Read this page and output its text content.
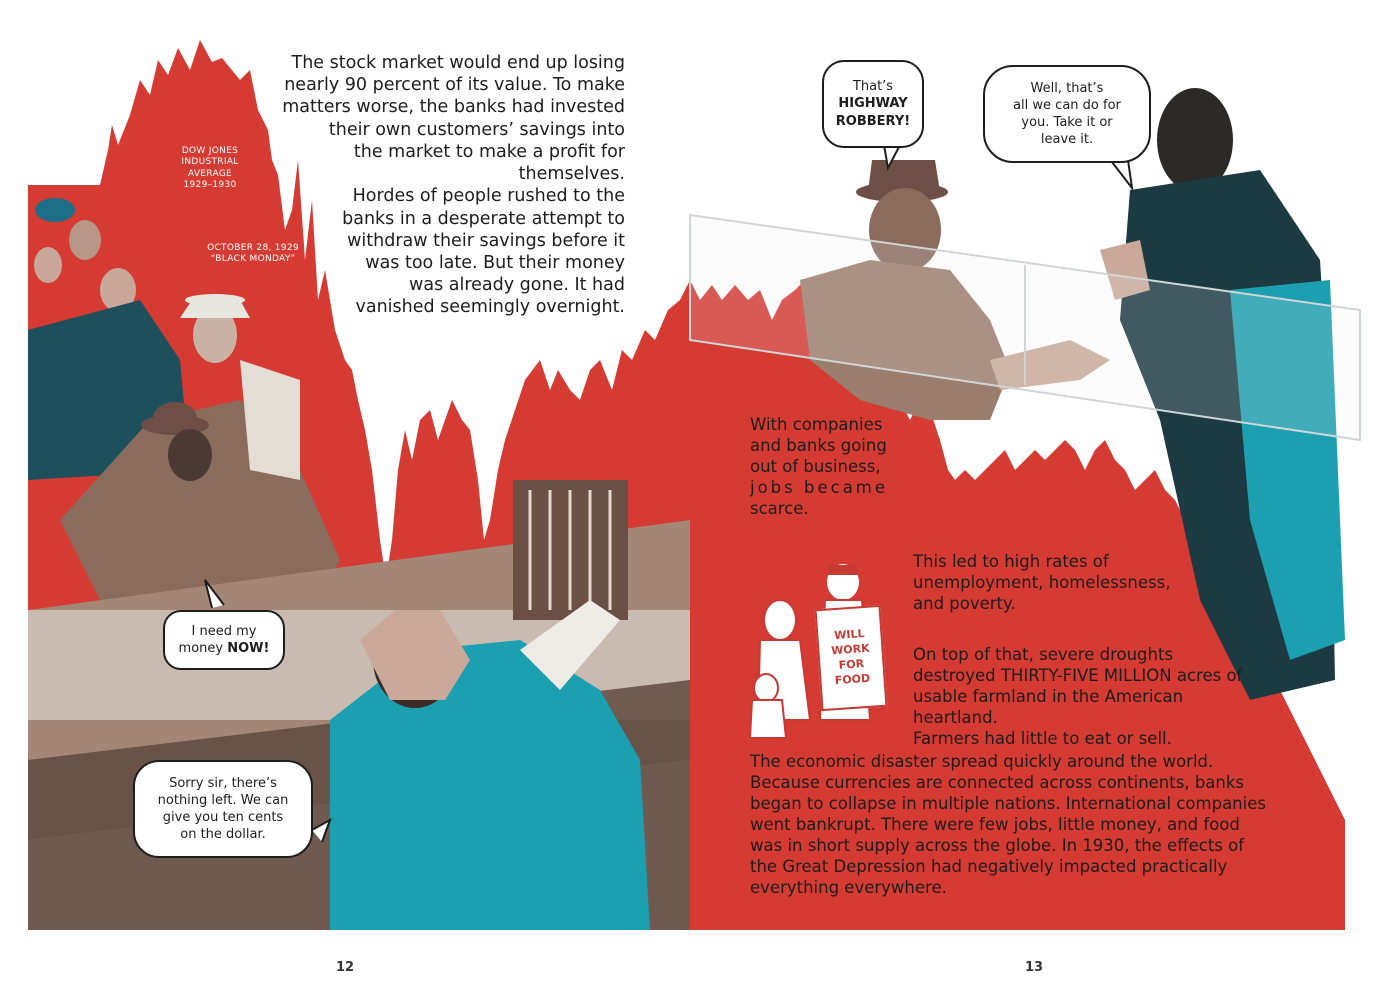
The stock market would end up losing

nearly 90 percent of its value. To make

matters worse, the banks had invested

their own customers’ savings into

the market to make a profit for

themselves.

Hordes of people rushed to the

banks in a desperate attempt to

withdraw their savings before it

was too late. But their money

was already gone. It had

vanished seemingly overnight.

DOW JONES
INDUSTRIAL
AVERAGE
1929–1930
OCTOBER 28, 1929
“BLACK MONDAY”
I need my
money NOW!
Sorry sir, there’s
nothing left. We can
give you ten cents
on the dollar.
12
That’s
HIGHWAY
ROBBERY!
Well, that’s
all we can do for
you. Take it or
leave it.
With companies
and banks going
out of business,
jobs became
scarce.
This led to high rates of
unemployment, homelessness,
and poverty.
WILL
WORK
FOR
FOOD
On top of that, severe droughts
destroyed THIRTY-FIVE MILLION acres of
usable farmland in the American heartland.
Farmers had little to eat or sell.
The economic disaster spread quickly around the world.
Because currencies are connected across continents, banks
began to collapse in multiple nations. International companies
went bankrupt. There were few jobs, little money, and food
was in short supply across the globe. In 1930, the effects of
the Great Depression had negatively impacted practically
everything everywhere.
13
